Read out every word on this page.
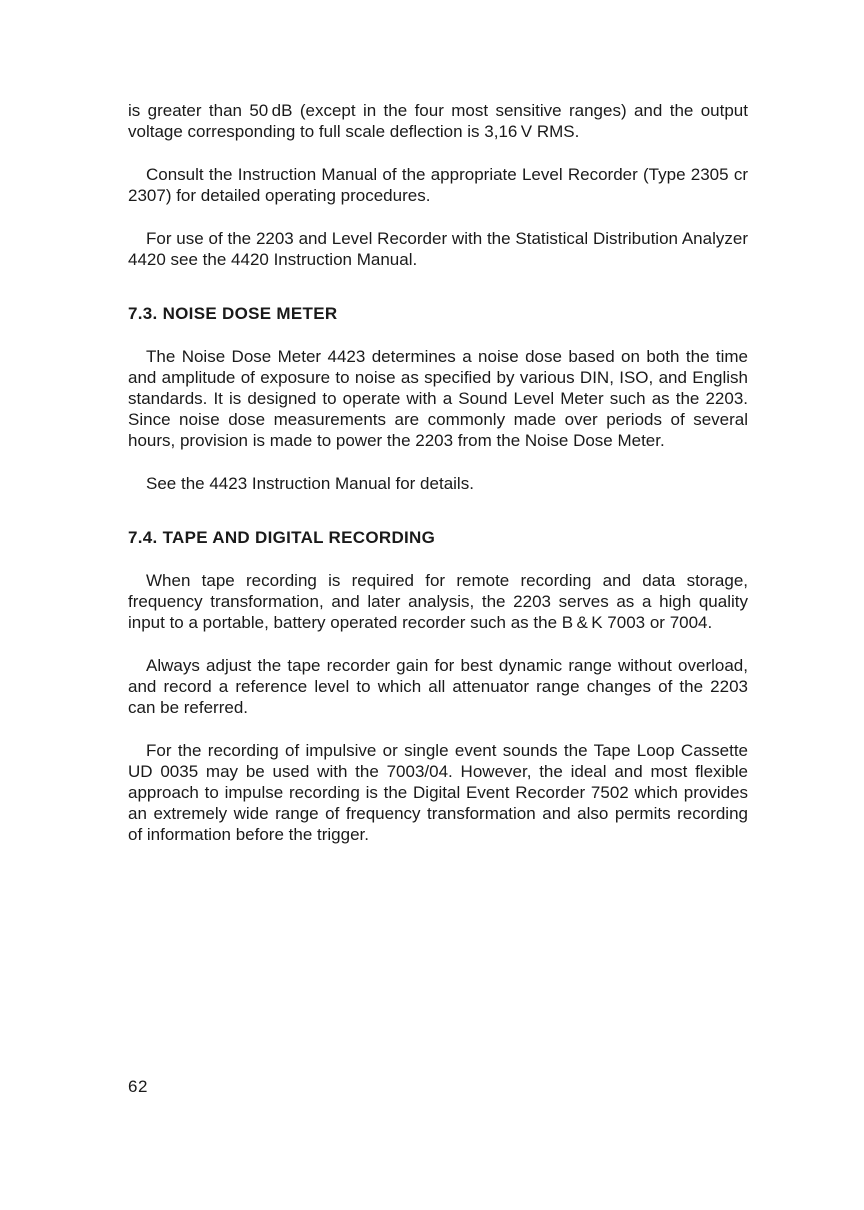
is greater than 50 dB (except in the four most sensitive ranges) and the output voltage corresponding to full scale deflection is 3,16 V RMS.

Consult the Instruction Manual of the appropriate Level Recorder (Type 2305 cr 2307) for detailed operating procedures.

For use of the 2203 and Level Recorder with the Statistical Distribution Analyzer 4420 see the 4420 Instruction Manual.

7.3. NOISE DOSE METER

The Noise Dose Meter 4423 determines a noise dose based on both the time and amplitude of exposure to noise as specified by various DIN, ISO, and English standards. It is designed to operate with a Sound Level Meter such as the 2203. Since noise dose measurements are commonly made over periods of several hours, provision is made to power the 2203 from the Noise Dose Meter.

See the 4423 Instruction Manual for details.

7.4. TAPE AND DIGITAL RECORDING

When tape recording is required for remote recording and data storage, frequency transformation, and later analysis, the 2203 serves as a high quality input to a portable, battery operated recorder such as the B & K 7003 or 7004.

Always adjust the tape recorder gain for best dynamic range without overload, and record a reference level to which all attenuator range changes of the 2203 can be referred.

For the recording of impulsive or single event sounds the Tape Loop Cassette UD 0035 may be used with the 7003/04. However, the ideal and most flexible approach to impulse recording is the Digital Event Recorder 7502 which provides an extremely wide range of frequency transformation and also permits recording of information before the trigger.

62
